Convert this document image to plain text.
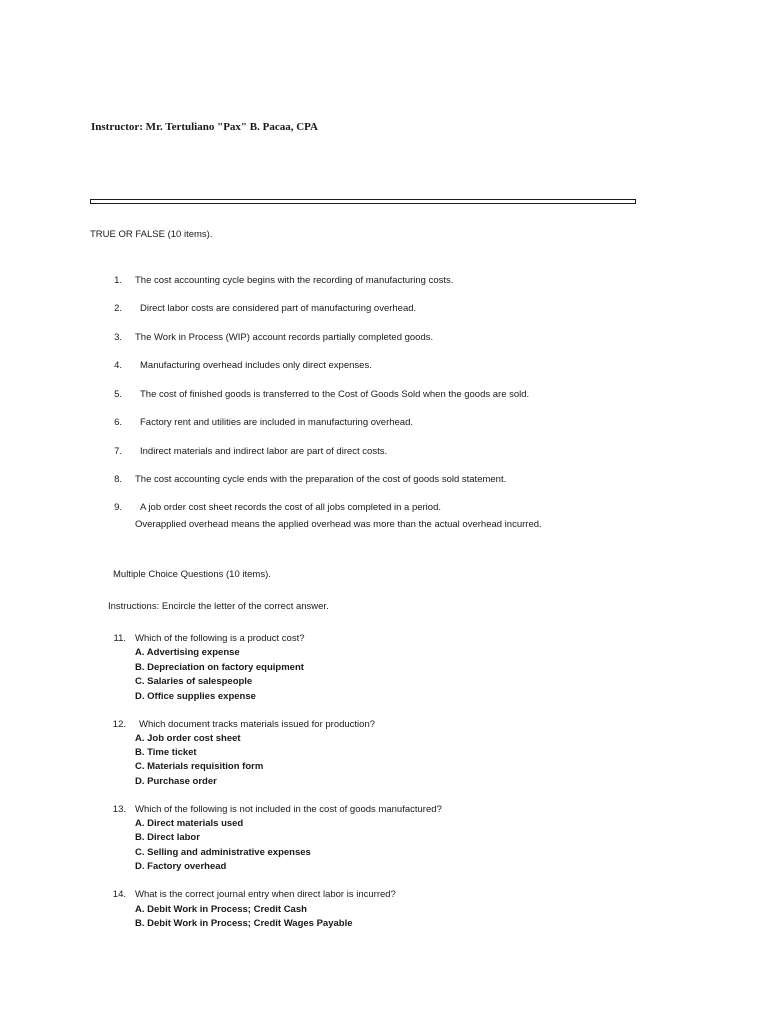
Instructor: Mr. Tertuliano "Pax" B. Pacaa, CPA
TRUE OR FALSE (10 items).
1. The cost accounting cycle begins with the recording of manufacturing costs.
2. Direct labor costs are considered part of manufacturing overhead.
3. The Work in Process (WIP) account records partially completed goods.
4. Manufacturing overhead includes only direct expenses.
5. The cost of finished goods is transferred to the Cost of Goods Sold when the goods are sold.
6. Factory rent and utilities are included in manufacturing overhead.
7. Indirect materials and indirect labor are part of direct costs.
8. The cost accounting cycle ends with the preparation of the cost of goods sold statement.
9. A job order cost sheet records the cost of all jobs completed in a period.
Overapplied overhead means the applied overhead was more than the actual overhead incurred.
Multiple Choice Questions (10 items).
Instructions: Encircle the letter of the correct answer.
11. Which of the following is a product cost?
A. Advertising expense
B. Depreciation on factory equipment
C. Salaries of salespeople
D. Office supplies expense
12. Which document tracks materials issued for production?
A. Job order cost sheet
B. Time ticket
C. Materials requisition form
D. Purchase order
13. Which of the following is not included in the cost of goods manufactured?
A. Direct materials used
B. Direct labor
C. Selling and administrative expenses
D. Factory overhead
14. What is the correct journal entry when direct labor is incurred?
A. Debit Work in Process; Credit Cash
B. Debit Work in Process; Credit Wages Payable
